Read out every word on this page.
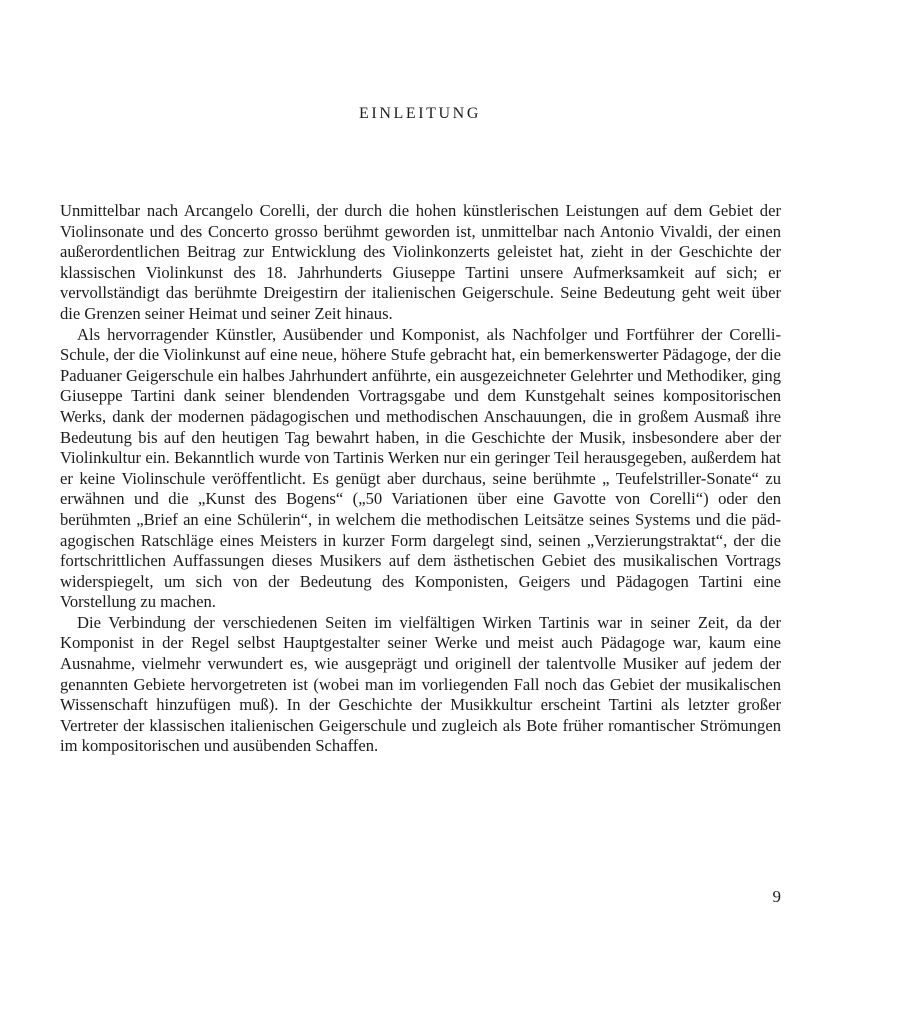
EINLEITUNG

Unmittelbar nach Arcangelo Corelli, der durch die hohen künstlerischen Leistungen auf dem Gebiet der Violinsonate und des Concerto grosso berühmt geworden ist, unmittelbar nach Antonio Vivaldi, der einen außerordentlichen Beitrag zur Entwicklung des Violinkonzerts geleistet hat, zieht in der Geschichte der klassischen Violinkunst des 18. Jahrhunderts Giuseppe Tartini unsere Aufmerksamkeit auf sich; er vervollständigt das berühmte Dreigestirn der italienischen Geigerschule. Seine Bedeutung geht weit über die Grenzen seiner Heimat und seiner Zeit hinaus.

Als hervorragender Künstler, Ausübender und Komponist, als Nachfolger und Fortführer der Corelli-Schule, der die Violinkunst auf eine neue, höhere Stufe gebracht hat, ein bemerkenswerter Pädagoge, der die Paduaner Geigerschule ein halbes Jahrhundert anführte, ein ausgezeichneter Gelehrter und Methodiker, ging Giuseppe Tartini dank seiner blendenden Vortragsgabe und dem Kunstgehalt seines kompositorischen Werks, dank der modernen pädagogischen und methodischen Anschauungen, die in großem Ausmaß ihre Bedeutung bis auf den heutigen Tag bewahrt haben, in die Geschichte der Musik, insbesondere aber der Violinkultur ein. Bekanntlich wurde von Tartinis Werken nur ein geringer Teil herausgegeben, außerdem hat er keine Violinschule veröffentlicht. Es genügt aber durchaus, seine berühmte „ Teufelstriller-Sonate“ zu erwähnen und die „Kunst des Bogens“ („50 Variationen über eine Gavotte von Corelli“) oder den berühmten „Brief an eine Schülerin“, in welchem die methodischen Leitsätze seines Systems und die pädagogischen Ratschläge eines Meisters in kurzer Form dargelegt sind, seinen „Verzierungstraktat“, der die fortschrittlichen Auffassungen dieses Musikers auf dem ästhetischen Gebiet des musikalischen Vortrags widerspiegelt, um sich von der Bedeutung des Komponisten, Geigers und Pädagogen Tartini eine Vorstellung zu machen.

Die Verbindung der verschiedenen Seiten im vielfältigen Wirken Tartinis war in seiner Zeit, da der Komponist in der Regel selbst Hauptgestalter seiner Werke und meist auch Pädagoge war, kaum eine Ausnahme, vielmehr verwundert es, wie ausgeprägt und originell der talentvolle Musiker auf jedem der genannten Gebiete hervorgetreten ist (wobei man im vorliegenden Fall noch das Gebiet der musikalischen Wissenschaft hinzufügen muß). In der Geschichte der Musikkultur erscheint Tartini als letzter großer Vertreter der klassischen italienischen Geigerschule und zugleich als Bote früher romantischer Strömungen im kompositorischen und ausübenden Schaffen.

9
